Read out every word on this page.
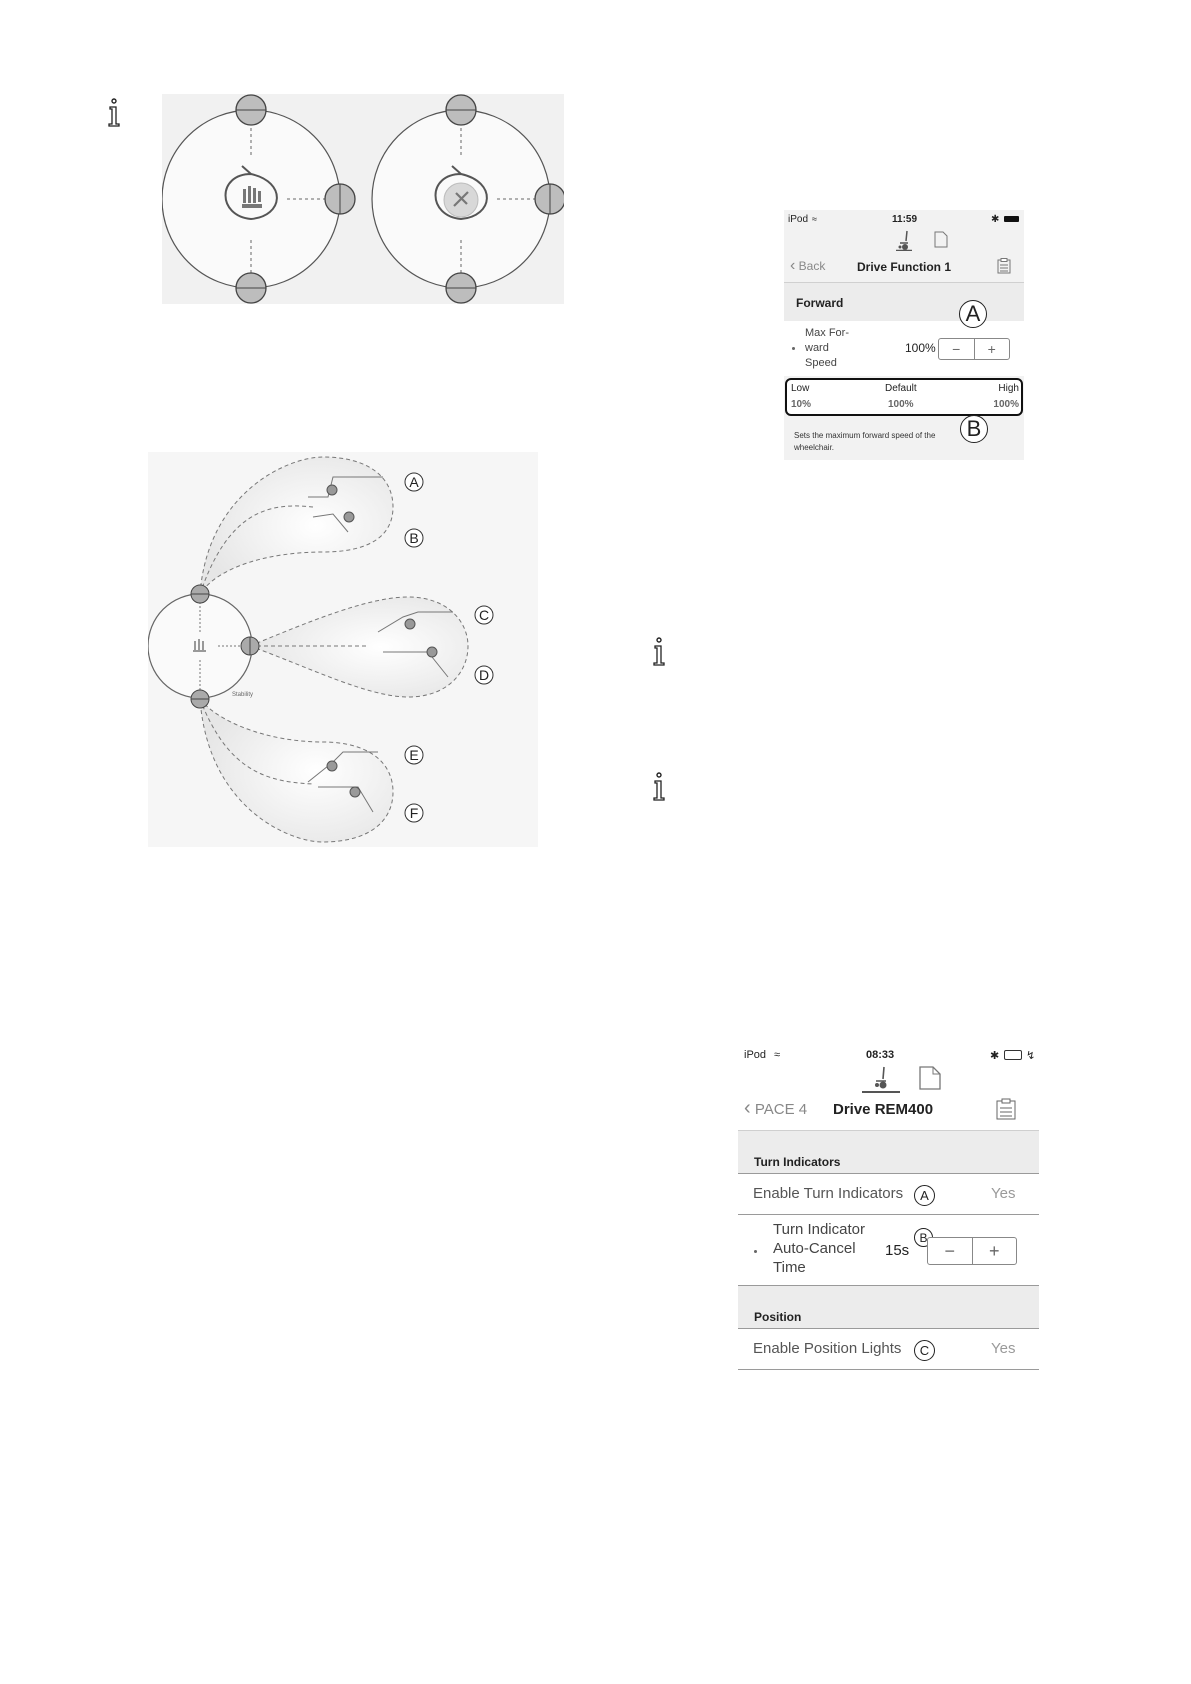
Stability
A
B
C
D
E
F
iPod ≈	11:59	✱
‹ Back	Drive Function 1
Forward
Max For-
ward
Speed
100%	−	+
A
Low	Default	High
10%	100%	100%
Sets the maximum forward speed of the
wheelchair.
B
iPod ≈	08:33	✱ ↯
‹ PACE 4 Drive REM400
Turn Indicators
Enable Turn Indicators	A	Yes
Turn Indicator
Auto-Cancel
Time
15s
B
−	+
Position
Enable Position Lights	C	Yes
